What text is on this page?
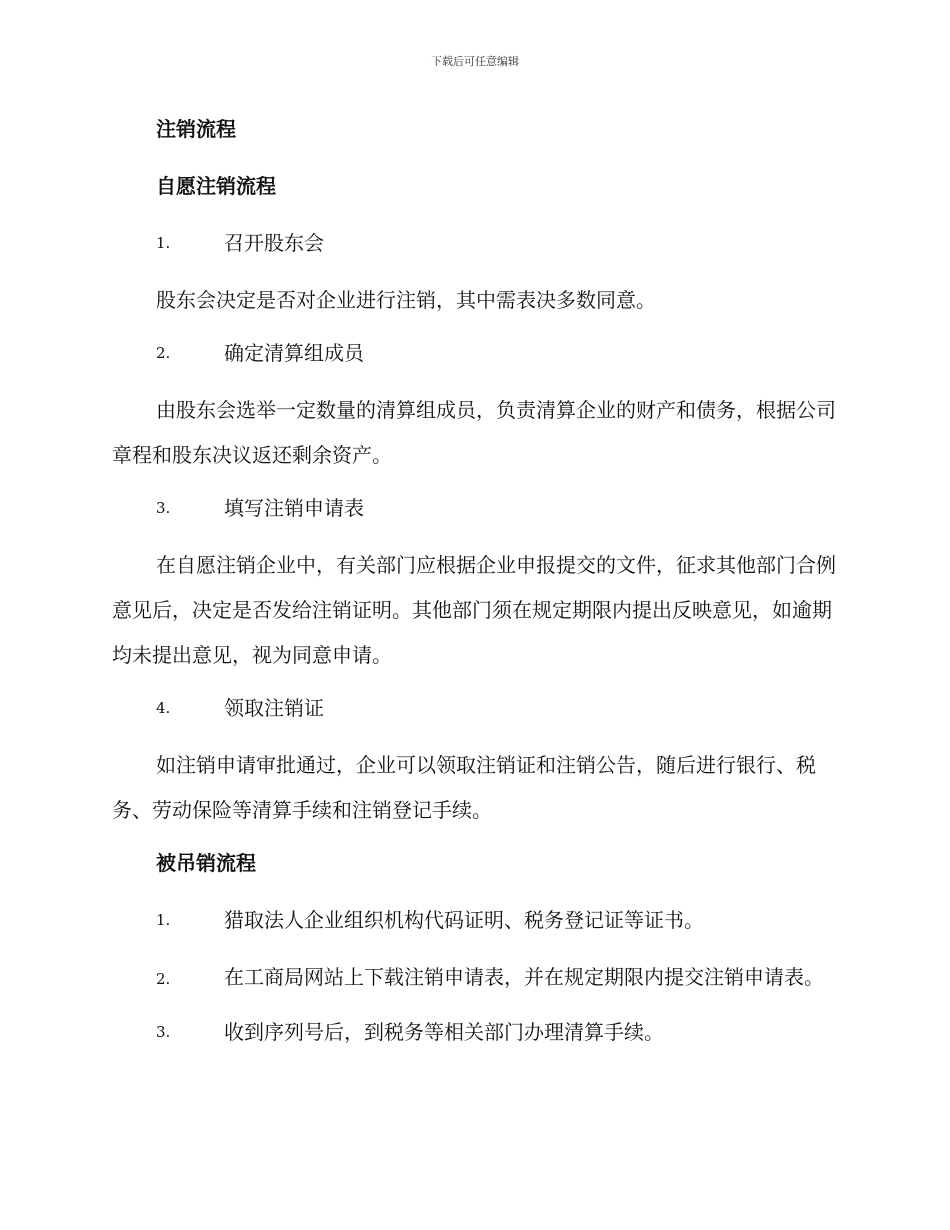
下载后可任意编辑
注销流程
自愿注销流程
1.	召开股东会

股东会决定是否对企业进行注销，其中需表决多数同意。

2.	确定清算组成员

由股东会选举一定数量的清算组成员，负责清算企业的财产和债务，根据公司章程和股东决议返还剩余资产。

3.	填写注销申请表

在自愿注销企业中，有关部门应根据企业申报提交的文件，征求其他部门合例意见后，决定是否发给注销证明。其他部门须在规定期限内提出反映意见，如逾期均未提出意见，视为同意申请。

4.	领取注销证

如注销申请审批通过，企业可以领取注销证和注销公告，随后进行银行、税务、劳动保险等清算手续和注销登记手续。

被吊销流程
1.	猎取法人企业组织机构代码证明、税务登记证等证书。

2.	在工商局网站上下载注销申请表，并在规定期限内提交注销申请表。

3.	收到序列号后，到税务等相关部门办理清算手续。
